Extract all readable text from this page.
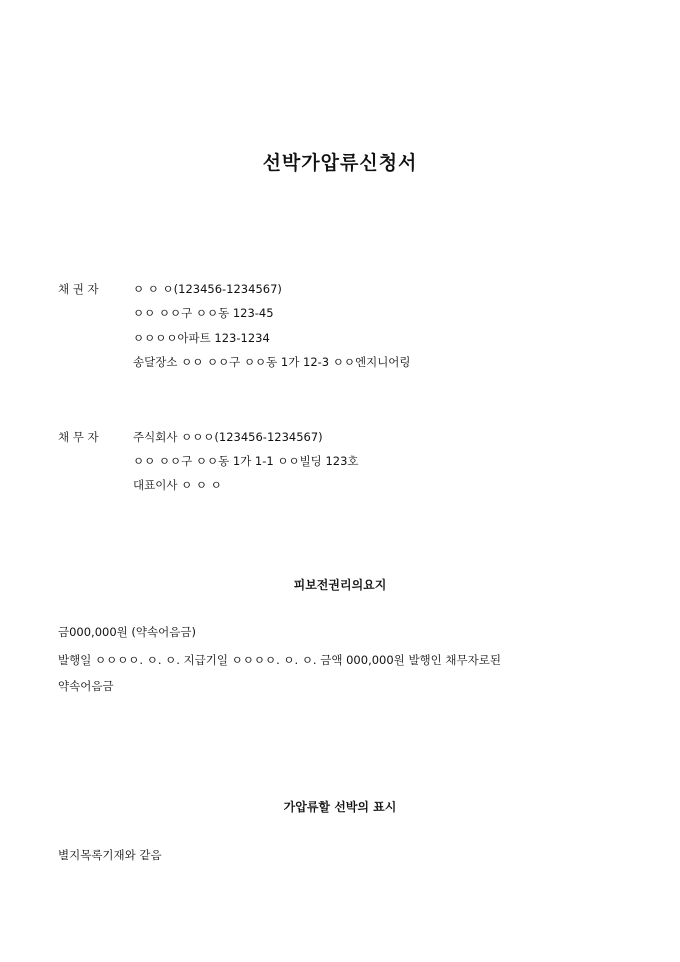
선박가압류신청서
채 권 자	ㅇ ㅇ ㅇ(123456-1234567)
ㅇㅇ ㅇㅇ구 ㅇㅇ동 123-45
ㅇㅇㅇㅇ아파트 123-1234
송달장소 ㅇㅇ ㅇㅇ구 ㅇㅇ동 1가 12-3 ㅇㅇ엔지니어링
채 무 자	주식회사 ㅇㅇㅇ(123456-1234567)
ㅇㅇ ㅇㅇ구 ㅇㅇ동 1가 1-1 ㅇㅇ빌딩 123호
대표이사 ㅇ ㅇ ㅇ
피보전권리의요지
금000,000원 (약속어음금)
발행일 ㅇㅇㅇㅇ. ㅇ. ㅇ. 지급기일 ㅇㅇㅇㅇ. ㅇ. ㅇ. 금액 000,000원 발행인 채무자로된
약속어음금
가압류할 선박의 표시
별지목록기재와 같음
